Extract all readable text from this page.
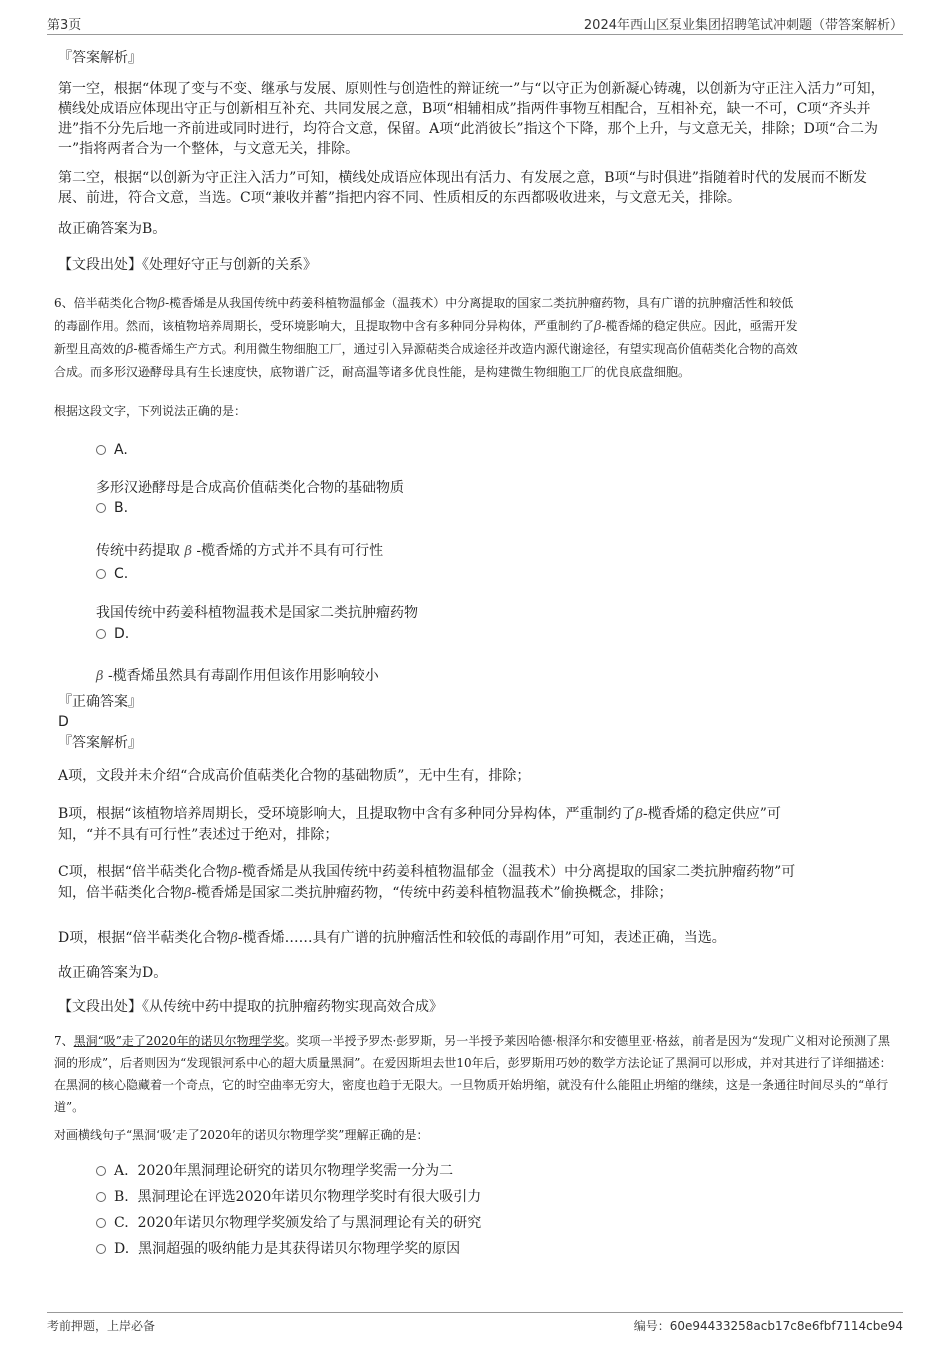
第3页	2024年西山区泵业集团招聘笔试冲刺题（带答案解析）
『答案解析』
第一空，根据“体现了变与不变、继承与发展、原则性与创造性的辩证统一”与“以守正为创新凝心铸魂，以创新为守正注入活力”可知，横线处成语应体现出守正与创新相互补充、共同发展之意，B项“相辅相成”指两件事物互相配合，互相补充，缺一不可，C项“齐头并进”指不分先后地一齐前进或同时进行，均符合文意，保留。A项“此消彼长”指这个下降，那个上升，与文意无关，排除；D项“合二为一”指将两者合为一个整体，与文意无关，排除。
第二空，根据“以创新为守正注入活力”可知，横线处成语应体现出有活力、有发展之意，B项“与时俱进”指随着时代的发展而不断发展、前进，符合文意，当选。C项“兼收并蓄”指把内容不同、性质相反的东西都吸收进来，与文意无关，排除。
故正确答案为B。
【文段出处】《处理好守正与创新的关系》
6、倍半萜类化合物β-榄香烯是从我国传统中药姜科植物温郁金（温莪术）中分离提取的国家二类抗肿瘤药物，具有广谱的抗肿瘤活性和较低
的毒副作用。然而，该植物培养周期长，受环境影响大，且提取物中含有多种同分异构体，严重制约了β-榄香烯的稳定供应。因此，亟需开发
新型且高效的β-榄香烯生产方式。利用微生物细胞工厂，通过引入异源萜类合成途径并改造内源代谢途径，有望实现高价值萜类化合物的高效
合成。而多形汉逊酵母具有生长速度快，底物谱广泛，耐高温等诸多优良性能，是构建微生物细胞工厂的优良底盘细胞。
根据这段文字，下列说法正确的是：
A.
多形汉逊酵母是合成高价值萜类化合物的基础物质
B.
传统中药提取 β -榄香烯的方式并不具有可行性
C.
我国传统中药姜科植物温莪术是国家二类抗肿瘤药物
D.
β -榄香烯虽然具有毒副作用但该作用影响较小
『正确答案』
D
『答案解析』
A项，文段并未介绍“合成高价值萜类化合物的基础物质”，无中生有，排除；
B项，根据“该植物培养周期长，受环境影响大，且提取物中含有多种同分异构体，严重制约了β-榄香烯的稳定供应”可
知，“并不具有可行性”表述过于绝对，排除；
C项，根据“倍半萜类化合物β-榄香烯是从我国传统中药姜科植物温郁金（温莪术）中分离提取的国家二类抗肿瘤药物”可
知，倍半萜类化合物β-榄香烯是国家二类抗肿瘤药物，“传统中药姜科植物温莪术”偷换概念，排除；
D项，根据“倍半萜类化合物β-榄香烯……具有广谱的抗肿瘤活性和较低的毒副作用”可知，表述正确，当选。
故正确答案为D。
【文段出处】《从传统中药中提取的抗肿瘤药物实现高效合成》
7、黑洞“吸”走了2020年的诺贝尔物理学奖。奖项一半授予罗杰·彭罗斯，另一半授予莱因哈德·根泽尔和安德里亚·格兹，前者是因为“发现广义相对论预测了黑洞的形成”，后者则因为“发现银河系中心的超大质量黑洞”。在爱因斯坦去世10年后，彭罗斯用巧妙的数学方法论证了黑洞可以形成，并对其进行了详细描述：在黑洞的核心隐藏着一个奇点，它的时空曲率无穷大，密度也趋于无限大。一旦物质开始坍缩，就没有什么能阻止坍缩的继续，这是一条通往时间尽头的“单行道”。
对画横线句子“黑洞‘吸’走了2020年的诺贝尔物理学奖”理解正确的是：
A. 2020年黑洞理论研究的诺贝尔物理学奖需一分为二
B. 黑洞理论在评选2020年诺贝尔物理学奖时有很大吸引力
C. 2020年诺贝尔物理学奖颁发给了与黑洞理论有关的研究
D. 黑洞超强的吸纳能力是其获得诺贝尔物理学奖的原因
考前押题，上岸必备	编号：60e94433258acb17c8e6fbf7114cbe94
